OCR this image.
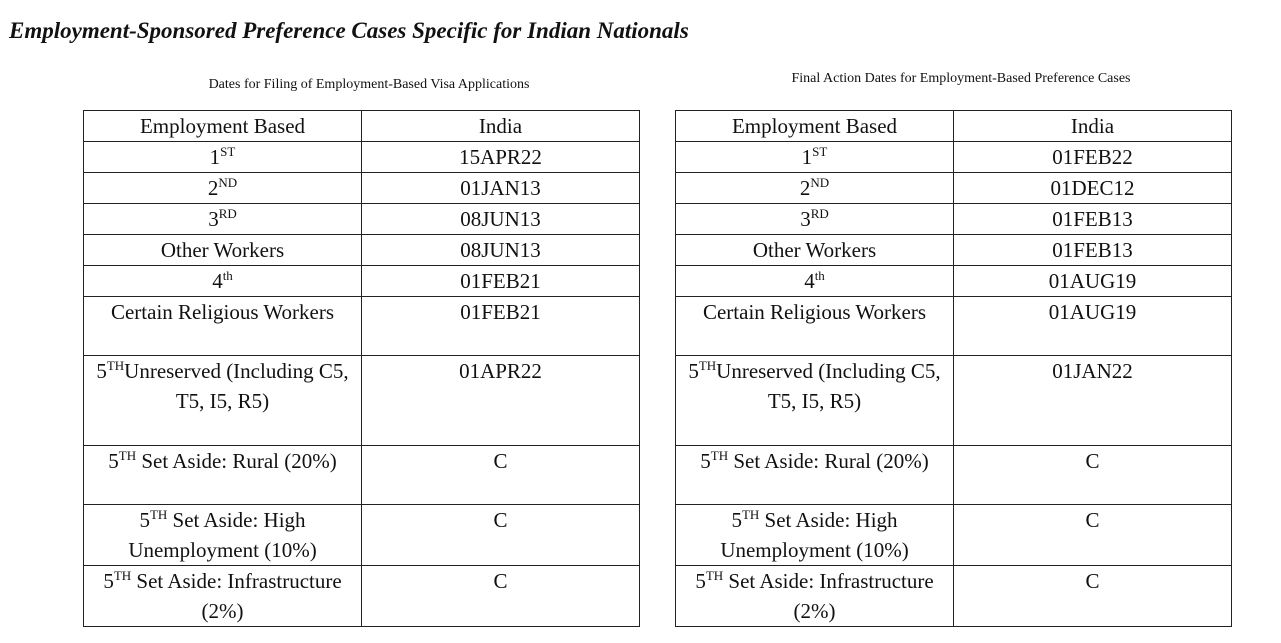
Employment-Sponsored Preference Cases Specific for Indian Nationals
Dates for Filing of Employment-Based Visa Applications	Final Action Dates for Employment-Based Preference Cases
Employment Based	India
1ST	15APR22
2ND	01JAN13
3RD	08JUN13
Other Workers	08JUN13
4th	01FEB21
Certain Religious Workers	01FEB21
5THUnreserved (Including C5, T5, I5, R5)	01APR22
5TH Set Aside: Rural (20%)	C
5TH Set Aside: High Unemployment (10%)	C
5TH Set Aside: Infrastructure (2%)	C
Employment Based	India
1ST	01FEB22
2ND	01DEC12
3RD	01FEB13
Other Workers	01FEB13
4th	01AUG19
Certain Religious Workers	01AUG19
5THUnreserved (Including C5, T5, I5, R5)	01JAN22
5TH Set Aside: Rural (20%)	C
5TH Set Aside: High Unemployment (10%)	C
5TH Set Aside: Infrastructure (2%)	C
